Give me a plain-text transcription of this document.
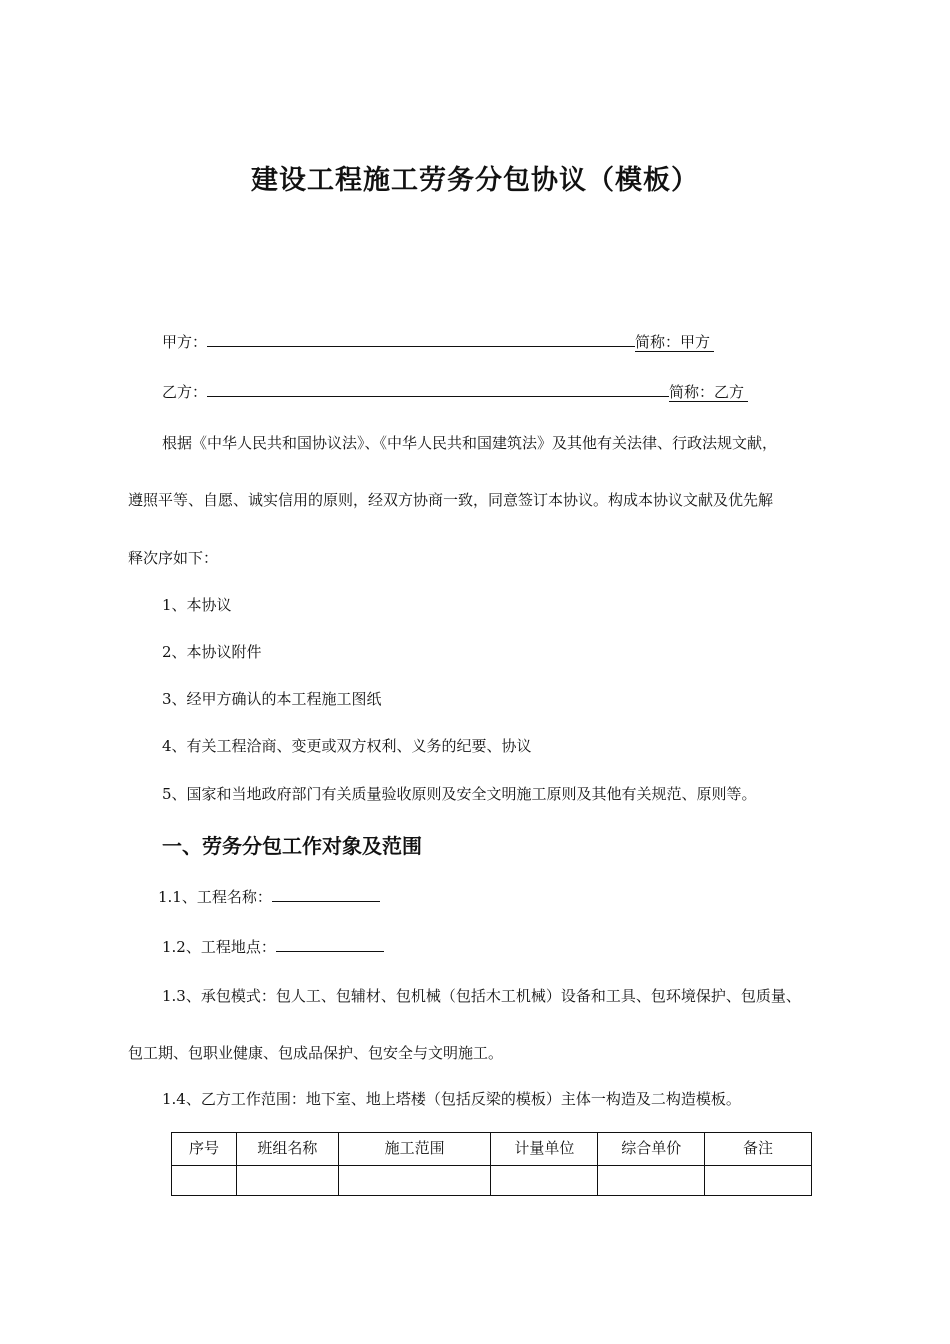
建设工程施工劳务分包协议（模板）
甲方：	简称：甲方
乙方：	简称：乙方
根据《中华人民共和国协议法》、《中华人民共和国建筑法》及其他有关法律、行政法规文献，
遵照平等、自愿、诚实信用的原则，经双方协商一致，同意签订本协议。构成本协议文献及优先解
释次序如下：
1、本协议
2、本协议附件
3、经甲方确认的本工程施工图纸
4、有关工程洽商、变更或双方权利、义务的纪要、协议
5、国家和当地政府部门有关质量验收原则及安全文明施工原则及其他有关规范、原则等。
一、劳务分包工作对象及范围
1.1、工程名称：
1.2、工程地点：
1.3、承包模式：包人工、包辅材、包机械（包括木工机械）设备和工具、包环境保护、包质量、
包工期、包职业健康、包成品保护、包安全与文明施工。
1.4、乙方工作范围：地下室、地上塔楼（包括反梁的模板）主体一构造及二构造模板。
序号	班组名称	施工范围	计量单位	综合单价	备注
